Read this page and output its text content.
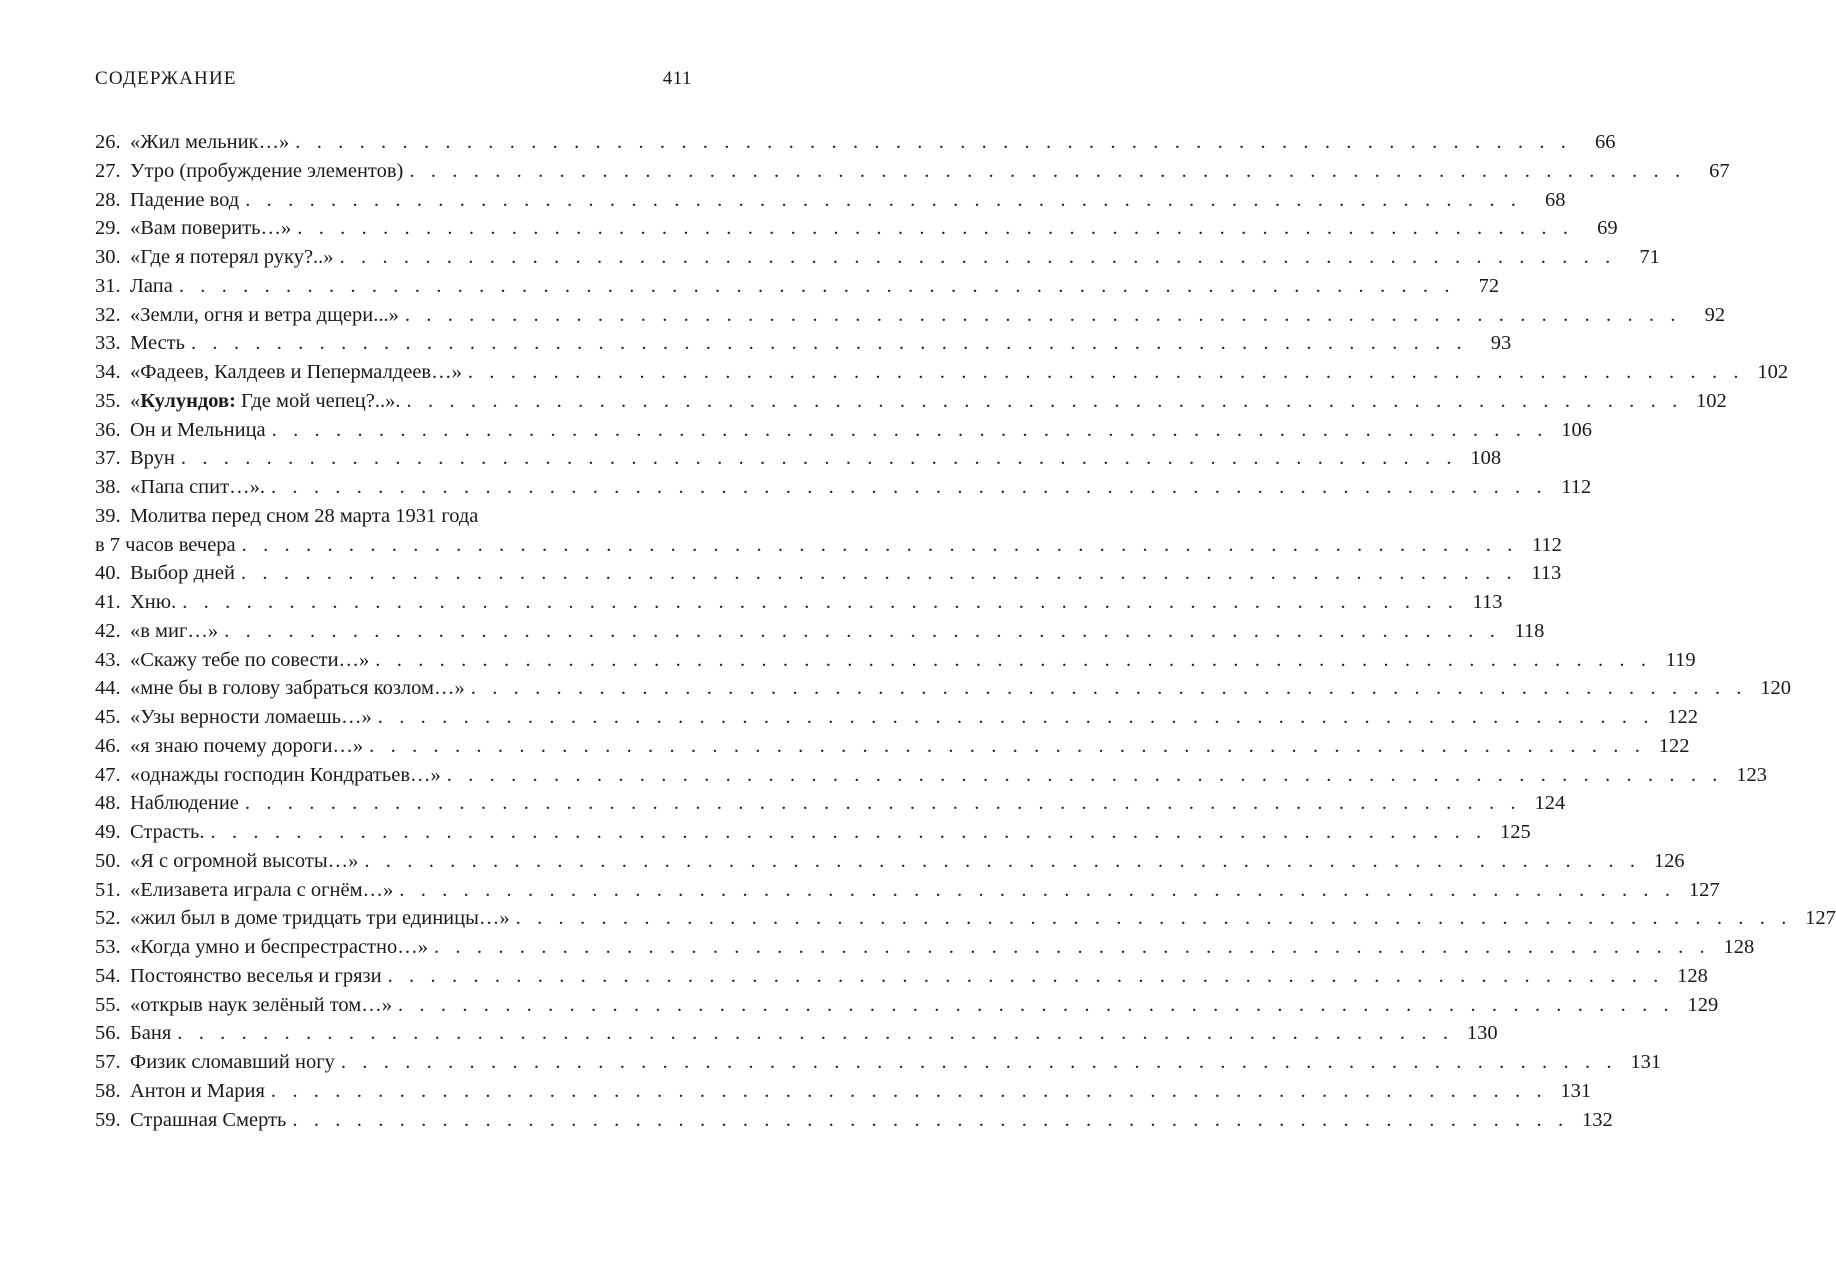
СОДЕРЖАНИЕ	411
26. «Жил мельник…» . . . . . . . . . . . . . . . . . . . . . . . . . . . . . . . . . . . . . . . . . . . . . . . . . . . . . . . . . . . .	66
27. Утро (пробуждение элементов) . . . . . . . . . . . . . . . . . . . . . . . . . . . . . . . . . . . . . . . . . . . . . . . . . . . . . . . . . . . .	67
28. Падение вод . . . . . . . . . . . . . . . . . . . . . . . . . . . . . . . . . . . . . . . . . . . . . . . . . . . . . . . . . . . .	68
29. «Вам поверить…» . . . . . . . . . . . . . . . . . . . . . . . . . . . . . . . . . . . . . . . . . . . . . . . . . . . . . . . . . . . .	69
30. «Где я потерял руку?..» . . . . . . . . . . . . . . . . . . . . . . . . . . . . . . . . . . . . . . . . . . . . . . . . . . . . . . . . . . . .	71
31. Лапа . . . . . . . . . . . . . . . . . . . . . . . . . . . . . . . . . . . . . . . . . . . . . . . . . . . . . . . . . . . .	72
32. «Земли, огня и ветра дщери...» . . . . . . . . . . . . . . . . . . . . . . . . . . . . . . . . . . . . . . . . . . . . . . . . . . . . . . . . . . . .	92
33. Месть . . . . . . . . . . . . . . . . . . . . . . . . . . . . . . . . . . . . . . . . . . . . . . . . . . . . . . . . . . . .	93
34. «Фадеев, Калдеев и Пепермалдеев…» . . . . . . . . . . . . . . . . . . . . . . . . . . . . . . . . . . . . . . . . . . . . . . . . . . . . . . . . . . . . 102
35. «Кулундов: Где мой чепец?..». . . . . . . . . . . . . . . . . . . . . . . . . . . . . . . . . . . . . . . . . . . . . . . . . . . . . . . . . . . . . 102
36. Он и Мельница . . . . . . . . . . . . . . . . . . . . . . . . . . . . . . . . . . . . . . . . . . . . . . . . . . . . . . . . . . . . 106
37. Врун . . . . . . . . . . . . . . . . . . . . . . . . . . . . . . . . . . . . . . . . . . . . . . . . . . . . . . . . . . . . 108
38. «Папа спит…». . . . . . . . . . . . . . . . . . . . . . . . . . . . . . . . . . . . . . . . . . . . . . . . . . . . . . . . . . . . . 112
39. Молитва перед сном 28 марта 1931 года
в 7 часов вечера . . . . . . . . . . . . . . . . . . . . . . . . . . . . . . . . . . . . . . . . . . . . . . . . . . . . . . . . . . . . 112
40. Выбор дней . . . . . . . . . . . . . . . . . . . . . . . . . . . . . . . . . . . . . . . . . . . . . . . . . . . . . . . . . . . . 113
41. Хню. . . . . . . . . . . . . . . . . . . . . . . . . . . . . . . . . . . . . . . . . . . . . . . . . . . . . . . . . . . . . 113
42. «в миг…» . . . . . . . . . . . . . . . . . . . . . . . . . . . . . . . . . . . . . . . . . . . . . . . . . . . . . . . . . . . . 118
43. «Скажу тебе по совести…» . . . . . . . . . . . . . . . . . . . . . . . . . . . . . . . . . . . . . . . . . . . . . . . . . . . . . . . . . . . . 119
44. «мне бы в голову забраться козлом…» . . . . . . . . . . . . . . . . . . . . . . . . . . . . . . . . . . . . . . . . . . . . . . . . . . . . . . . . . . . . 120
45. «Узы верности ломаешь…» . . . . . . . . . . . . . . . . . . . . . . . . . . . . . . . . . . . . . . . . . . . . . . . . . . . . . . . . . . . . 122
46. «я знаю почему дороги…» . . . . . . . . . . . . . . . . . . . . . . . . . . . . . . . . . . . . . . . . . . . . . . . . . . . . . . . . . . . . 122
47. «однажды господин Кондратьев…» . . . . . . . . . . . . . . . . . . . . . . . . . . . . . . . . . . . . . . . . . . . . . . . . . . . . . . . . . . . . 123
48. Наблюдение . . . . . . . . . . . . . . . . . . . . . . . . . . . . . . . . . . . . . . . . . . . . . . . . . . . . . . . . . . . . 124
49. Страсть. . . . . . . . . . . . . . . . . . . . . . . . . . . . . . . . . . . . . . . . . . . . . . . . . . . . . . . . . . . . . 125
50. «Я с огромной высоты…» . . . . . . . . . . . . . . . . . . . . . . . . . . . . . . . . . . . . . . . . . . . . . . . . . . . . . . . . . . . . 126
51. «Елизавета играла с огнём…» . . . . . . . . . . . . . . . . . . . . . . . . . . . . . . . . . . . . . . . . . . . . . . . . . . . . . . . . . . . . 127
52. «жил был в доме тридцать три единицы…» . . . . . . . . . . . . . . . . . . . . . . . . . . . . . . . . . . . . . . . . . . . . . . . . . . . . . . . . . . . . 127
53. «Когда умно и беспрестрастно…» . . . . . . . . . . . . . . . . . . . . . . . . . . . . . . . . . . . . . . . . . . . . . . . . . . . . . . . . . . . . 128
54. Постоянство веселья и грязи . . . . . . . . . . . . . . . . . . . . . . . . . . . . . . . . . . . . . . . . . . . . . . . . . . . . . . . . . . . . 128
55. «открыв наук зелёный том…» . . . . . . . . . . . . . . . . . . . . . . . . . . . . . . . . . . . . . . . . . . . . . . . . . . . . . . . . . . . . 129
56. Баня . . . . . . . . . . . . . . . . . . . . . . . . . . . . . . . . . . . . . . . . . . . . . . . . . . . . . . . . . . . . 130
57. Физик сломавший ногу . . . . . . . . . . . . . . . . . . . . . . . . . . . . . . . . . . . . . . . . . . . . . . . . . . . . . . . . . . . . 131
58. Антон и Мария . . . . . . . . . . . . . . . . . . . . . . . . . . . . . . . . . . . . . . . . . . . . . . . . . . . . . . . . . . . . 131
59. Страшная Смерть . . . . . . . . . . . . . . . . . . . . . . . . . . . . . . . . . . . . . . . . . . . . . . . . . . . . . . . . . . . . 132
